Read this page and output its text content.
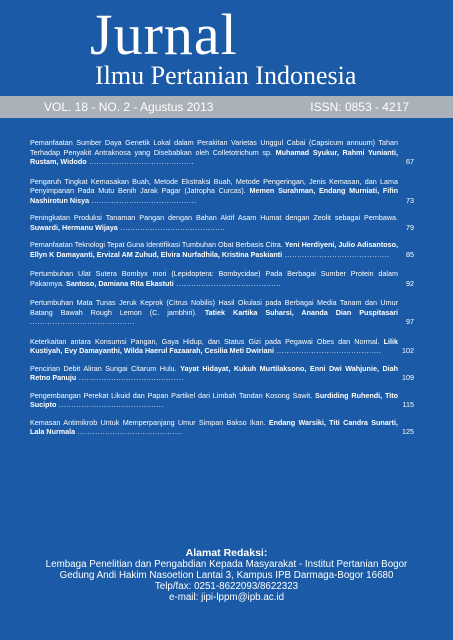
Jurnal
Ilmu Pertanian Indonesia
VOL. 18 - NO. 2 - Agustus 2013	ISSN: 0853 - 4217
Pemanfaatan Sumber Daya Genetik Lokal dalam Perakitan Varietas Unggul Cabai (Capsicum annuum) Tahan Terhadap Penyakit Antraknosa yang Disebabkan oleh Colletotrichum sp. Muhamad Syukur, Rahmi Yunianti, Rustam, Widodo ..........................................	67
Pengaruh Tingkat Kemasakan Buah, Metode Ekstraksi Buah, Metode Pengeringan, Jenis Kemasan, dan Lama Penyimpanan Pada Mutu Benih Jarak Pagar (Jatropha Curcas). Memen Surahman, Endang Murniati, Fifin Nashirotun Nisya ..........................................	73
Peningkatan Produksi Tanaman Pangan dengan Bahan Aktif Asam Humat dengan Zeolit sebagai Pembawa. Suwardi, Hermanu Wijaya ..........................................	79
Pemanfaatan Teknologi Tepat Guna Identifikasi Tumbuhan Obat Berbasis Citra. Yeni Herdiyeni, Julio Adisantoso, Ellyn K Damayanti, Ervizal AM Zuhud, Elvira Nurfadhila, Kristina Paskianti ..........................................	85
Pertumbuhan Ulat Sutera Bombyx mori (Lepidoptera: Bombycidae) Pada Berbagai Sumber Protein dalam Pakannya. Santoso, Damiana Rita Ekastuti ..........................................	92
Pertumbuhan Mata Tunas Jeruk Keprok (Citrus Nobilis) Hasil Okulasi pada Berbagai Media Tanam dan Umur Batang Bawah Rough Lemon (C. jambhiri). Tatiek Kartika Suharsi, Ananda Dian Puspitasari ..........................................	97
Keterkaitan antara Konsumsi Pangan, Gaya Hidup, dan Status Gizi pada Pegawai Obes dan Normal. Lilik Kustiyah, Evy Damayanthi, Wilda Haerul Fazaarah, Cesilia Meti Dwiriani ..........................................	102
Pencirian Debit Aliran Sungai Citarum Hulu. Yayat Hidayat, Kukuh Murtilaksono, Enni Dwi Wahjunie, Diah Retno Panuju ..........................................	109
Pengembangan Perekat Likuid dan Papan Partikel dari Limbah Tandan Kosong Sawit. Surdiding Ruhendi, Tito Sucipto ..........................................	115
Kemasan Antimikrob Untuk Memperpanjang Umur Simpan Bakso Ikan. Endang Warsiki, Titi Candra Sunarti, Lala Nurmala ..........................................	125
Alamat Redaksi:
Lembaga Penelitian dan Pengabdian Kepada Masyarakat - Institut Pertanian Bogor
Gedung Andi Hakim Nasoetion Lantai 3, Kampus IPB Darmaga-Bogor 16680
Telp/fax: 0251-8622093/8622323
e-mail: jipi-lppm@ipb.ac.id
